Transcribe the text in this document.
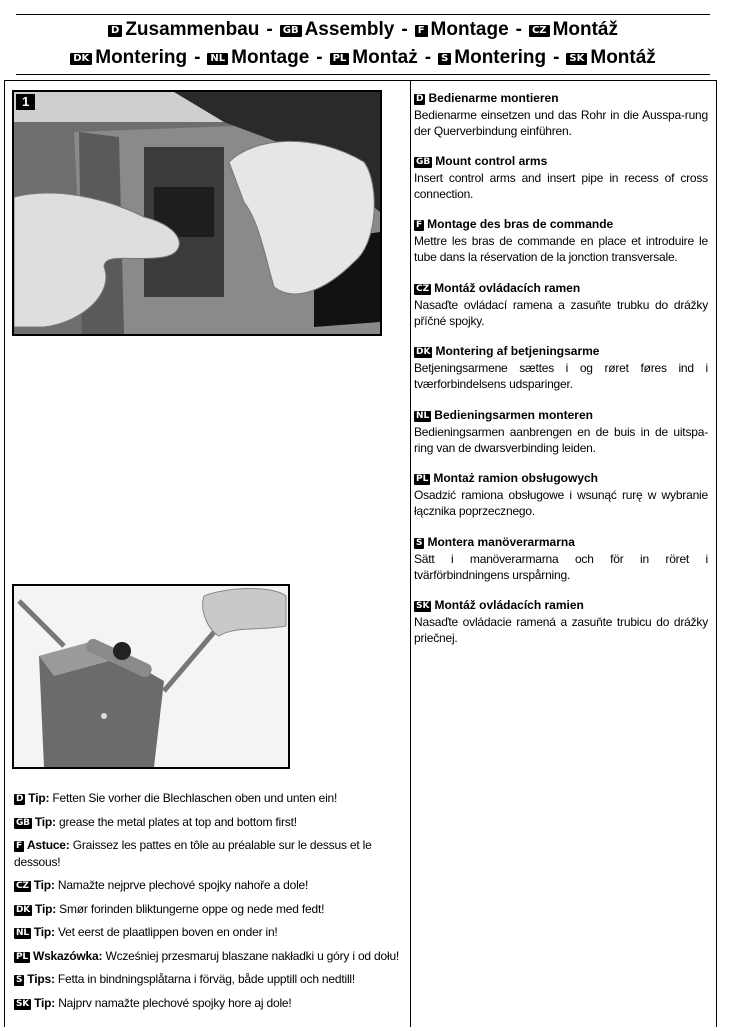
D Zusammenbau - GB Assembly - F Montage - CZ Montáž
DK Montering - NL Montage - PL Montaż - S Montering - SK Montáž
1	D Bedienarme montieren
Bedienarme einsetzen und das Rohr in die Ausspa-rung der Querverbindung einführen.
GB Mount control arms
Insert control arms and insert pipe in recess of cross connection.
F Montage des bras de commande
Mettre les bras de commande en place et introduire le tube dans la réservation de la jonction transversale.
CZ Montáž ovládacích ramen
Nasaďte ovládací ramena a zasuňte trubku do drážky příčné spojky.
DK Montering af betjeningsarme
Betjeningsarmene sættes i og røret føres ind i tværforbindelsens udsparinger.
NL Bedieningsarmen monteren
Bedieningsarmen aanbrengen en de buis in de uitspa-ring van de dwarsverbinding leiden.
PL Montaż ramion obsługowych
Osadzić ramiona obsługowe i wsunąć rurę w wybranie łącznika poprzecznego.
S Montera manöverarmarna
Sätt i manöverarmarna och för in röret i tvärförbindningens urspårning.
SK Montáž ovládacích ramien
Nasaďte ovládacie ramená a zasuňte trubicu do drážky priečnej.
D Tip: Fetten Sie vorher die Blechlaschen oben und unten ein!
GB Tip: grease the metal plates at top and bottom first!
F Astuce: Graissez les pattes en tôle au préalable sur le dessus et le dessous!
CZ Tip: Namažte nejprve plechové spojky nahoře a dole!
DK Tip: Smør forinden bliktungerne oppe og nede med fedt!
NL Tip: Vet eerst de plaatlippen boven en onder in!
PL Wskazówka: Wcześniej przesmaruj blaszane nakładki u góry i od dołu!
S Tips: Fetta in bindningsplåtarna i förväg, både upptill och nedtill!
SK Tip: Najprv namažte plechové spojky hore aj dole!
